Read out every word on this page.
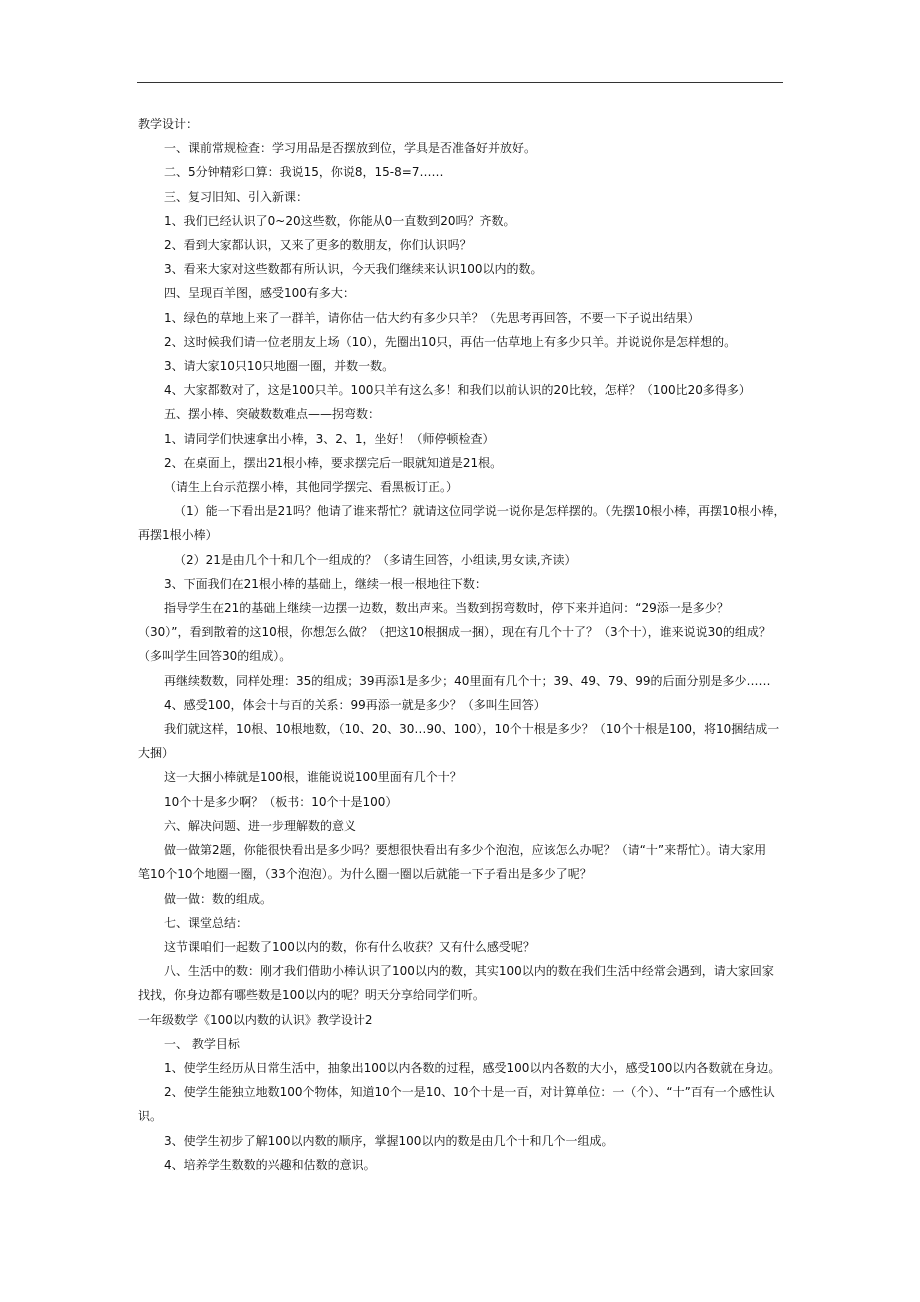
教学设计：
一、课前常规检查：学习用品是否摆放到位，学具是否准备好并放好。
二、5分钟精彩口算：我说15，你说8，15-8=7……
三、复习旧知、引入新课：
1、我们已经认识了0~20这些数，你能从0一直数到20吗？齐数。
2、看到大家都认识，又来了更多的数朋友，你们认识吗？
3、看来大家对这些数都有所认识，今天我们继续来认识100以内的数。
四、呈现百羊图，感受100有多大：
1、绿色的草地上来了一群羊，请你估一估大约有多少只羊？（先思考再回答，不要一下子说出结果）
2、这时候我们请一位老朋友上场（10），先圈出10只，再估一估草地上有多少只羊。并说说你是怎样想的。
3、请大家10只10只地圈一圈，并数一数。
4、大家都数对了，这是100只羊。100只羊有这么多！和我们以前认识的20比较，怎样？（100比20多得多）
五、摆小棒、突破数数难点——拐弯数：
1、请同学们快速拿出小棒，3、2、1，坐好！（师停顿检查）
2、在桌面上，摆出21根小棒，要求摆完后一眼就知道是21根。
（请生上台示范摆小棒，其他同学摆完、看黑板订正。）
（1）能一下看出是21吗？他请了谁来帮忙？就请这位同学说一说你是怎样摆的。（先摆10根小棒，再摆10根小棒，
再摆1根小棒）
（2）21是由几个十和几个一组成的？（多请生回答，小组读,男女读,齐读）
3、下面我们在21根小棒的基础上，继续一根一根地往下数：
指导学生在21的基础上继续一边摆一边数，数出声来。当数到拐弯数时，停下来并追问：“29添一是多少？
（30）”，看到散着的这10根，你想怎么做？（把这10根捆成一捆），现在有几个十了？（3个十），谁来说说30的组成？
（多叫学生回答30的组成）。
再继续数数，同样处理：35的组成；39再添1是多少；40里面有几个十；39、49、79、99的后面分别是多少……
4、感受100，体会十与百的关系：99再添一就是多少？（多叫生回答）
我们就这样，10根、10根地数，（10、20、30…90、100），10个十根是多少？（10个十根是100，将10捆结成一
大捆）
这一大捆小棒就是100根，谁能说说100里面有几个十？
10个十是多少啊？（板书：10个十是100）
六、解决问题、进一步理解数的意义
做一做第2题，你能很快看出是多少吗？要想很快看出有多少个泡泡，应该怎么办呢？（请“十”来帮忙）。请大家用
笔10个10个地圈一圈，（33个泡泡）。为什么圈一圈以后就能一下子看出是多少了呢？
做一做：数的组成。
七、课堂总结：
这节课咱们一起数了100以内的数，你有什么收获？又有什么感受呢？
八、生活中的数：刚才我们借助小棒认识了100以内的数，其实100以内的数在我们生活中经常会遇到，请大家回家
找找，你身边都有哪些数是100以内的呢？明天分享给同学们听。
一年级数学《100以内数的认识》教学设计2
一、 教学目标
1、使学生经历从日常生活中，抽象出100以内各数的过程，感受100以内各数的大小，感受100以内各数就在身边。
2、使学生能独立地数100个物体，知道10个一是10、10个十是一百，对计算单位：一（个）、“十”百有一个感性认
识。
3、使学生初步了解100以内数的顺序，掌握100以内的数是由几个十和几个一组成。
4、培养学生数数的兴趣和估数的意识。
